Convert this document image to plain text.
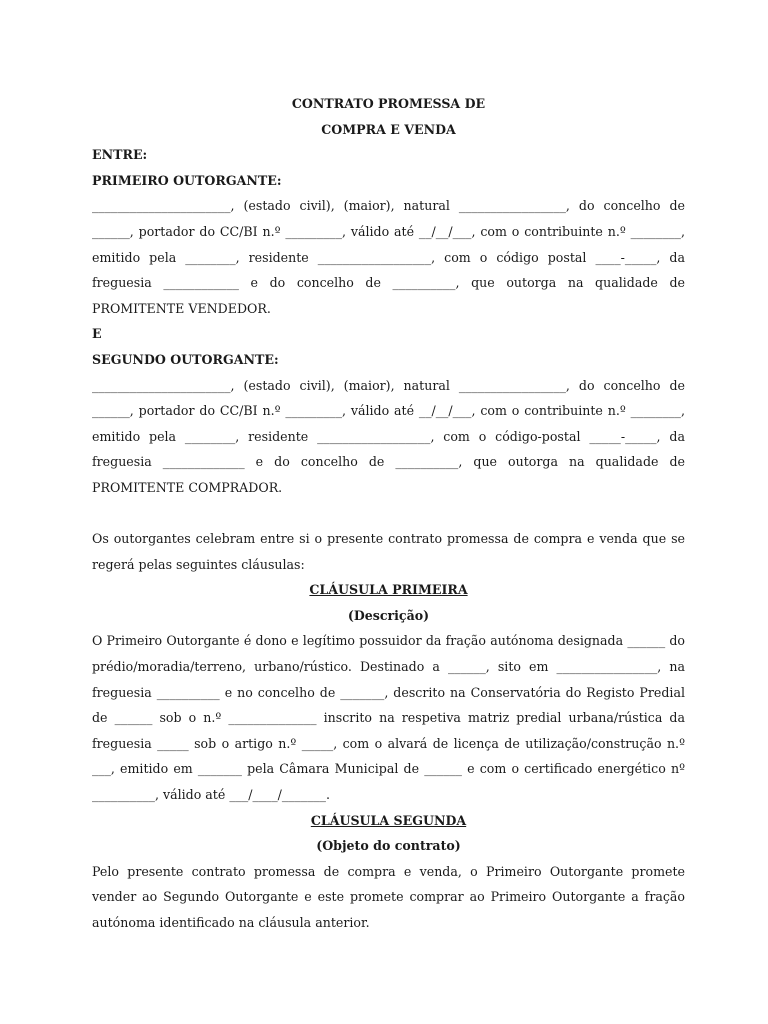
CONTRATO PROMESSA DE

COMPRA E VENDA

ENTRE:

PRIMEIRO OUTORGANTE:

______________________, (estado civil), (maior), natural _________________, do concelho de ______, portador do CC/BI n.º _________, válido até __/__/___, com o contribuinte n.º ________, emitido pela ________, residente __________________, com o código postal ____-_____, da freguesia ____________ e do concelho de __________, que outorga na qualidade de PROMITENTE VENDEDOR.

E

SEGUNDO OUTORGANTE:

______________________, (estado civil), (maior), natural _________________, do concelho de ______, portador do CC/BI n.º _________, válido até __/__/___, com o contribuinte n.º ________, emitido pela ________, residente __________________, com o código-postal _____-_____, da freguesia _____________ e do concelho de __________, que outorga na qualidade de PROMITENTE COMPRADOR.

Os outorgantes celebram entre si o presente contrato promessa de compra e venda que se regerá pelas seguintes cláusulas:

CLÁUSULA PRIMEIRA

(Descrição)

O Primeiro Outorgante é dono e legítimo possuidor da fração autónoma designada ______ do prédio/moradia/terreno, urbano/rústico. Destinado a ______, sito em ________________, na freguesia __________ e no concelho de _______, descrito na Conservatória do Registo Predial de ______ sob o n.º ______________ inscrito na respetiva matriz predial urbana/rústica da freguesia _____ sob o artigo n.º _____, com o alvará de licença de utilização/construção n.º ___, emitido em _______ pela Câmara Municipal de ______ e com o certificado energético nº __________, válido até ___/____/_______.

CLÁUSULA SEGUNDA

(Objeto do contrato)

Pelo presente contrato promessa de compra e venda, o Primeiro Outorgante promete vender ao Segundo Outorgante e este promete comprar ao Primeiro Outorgante a fração autónoma identificado na cláusula anterior.
